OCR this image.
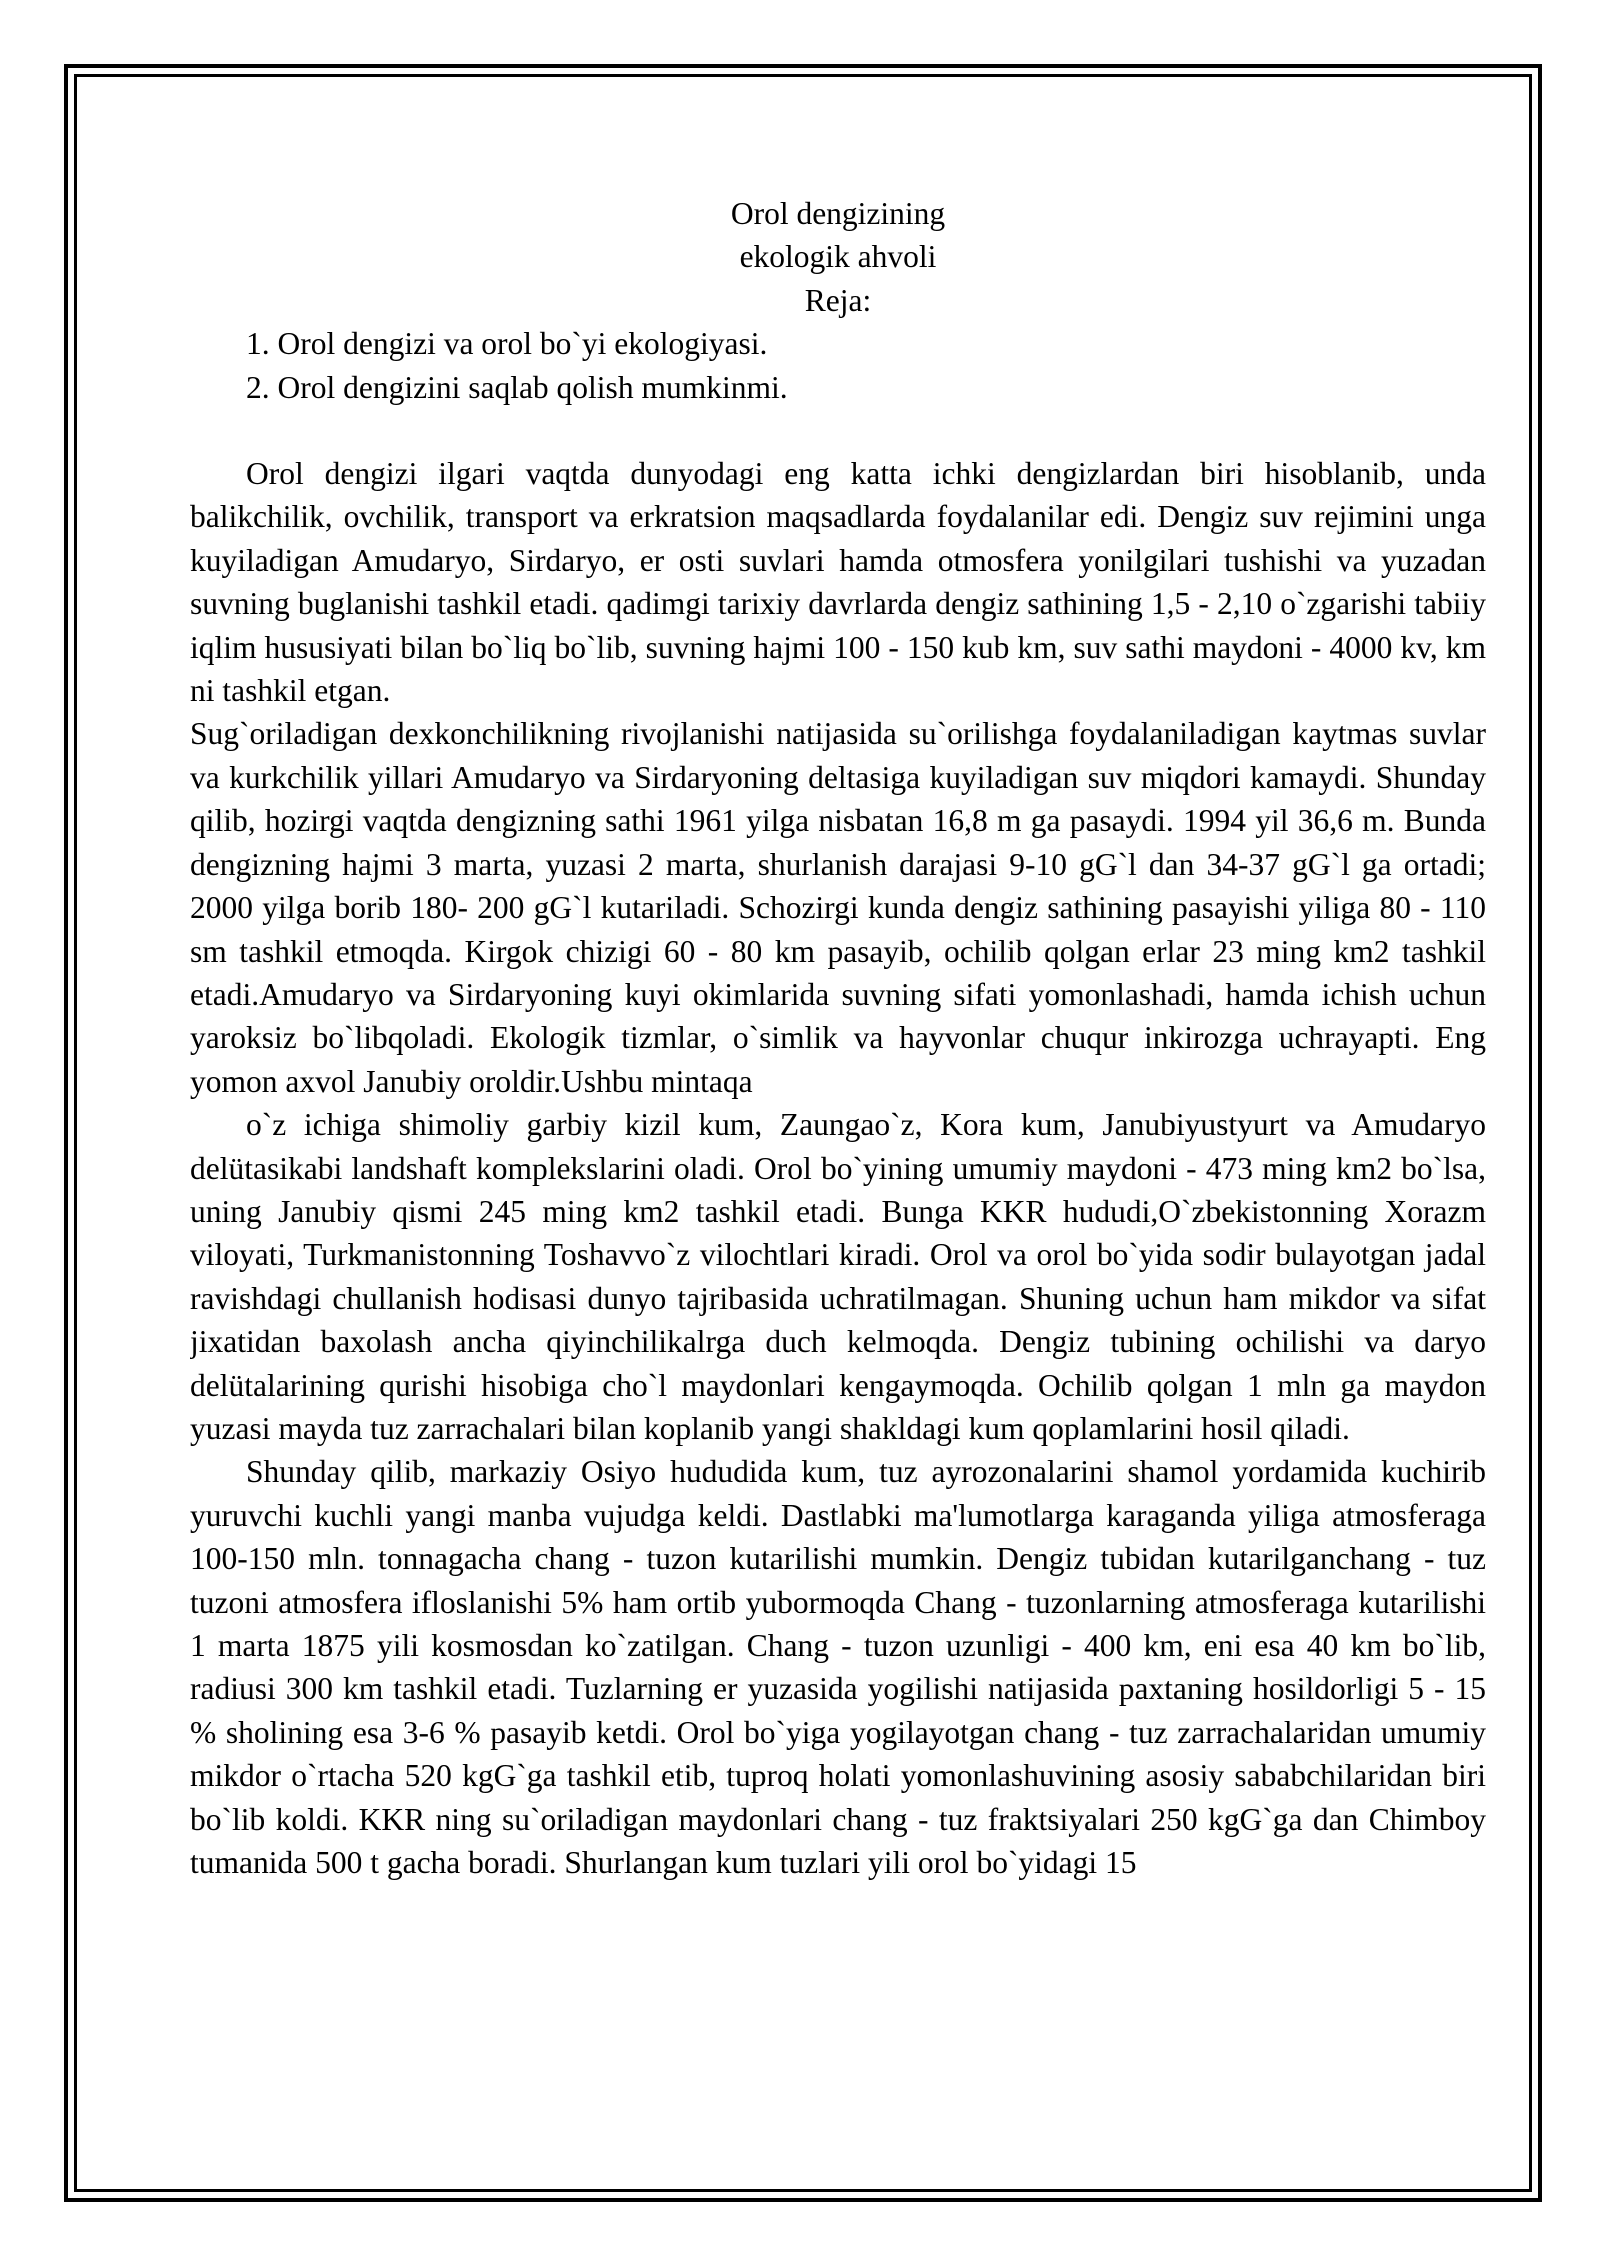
Orol dengizining

ekologik ahvoli

Reja:

1. Orol dengizi va orol bo`yi ekologiyasi.

2. Orol dengizini saqlab qolish mumkinmi.

Orol dengizi ilgari vaqtda dunyodagi eng katta ichki dengizlardan biri hisoblanib, unda balikchilik, ovchilik, transport va erkratsion maqsadlarda foydalanilar edi. Dengiz suv rejimini unga kuyiladigan Amudaryo, Sirdaryo, er osti suvlari hamda otmosfera yonilgilari tushishi va yuzadan suvning buglanishi tashkil etadi. qadimgi tarixiy davrlarda dengiz sathining 1,5 - 2,10 o`zgarishi tabiiy iqlim hususiyati bilan bo`liq bo`lib, suvning hajmi 100 - 150 kub km, suv sathi maydoni - 4000 kv, km ni tashkil etgan.

Sug`oriladigan dexkonchilikning rivojlanishi natijasida su`orilishga foydalaniladigan kaytmas suvlar va kurkchilik yillari Amudaryo va Sirdaryoning deltasiga kuyiladigan suv miqdori kamaydi. Shunday qilib, hozirgi vaqtda dengizning sathi 1961 yilga nisbatan 16,8 m ga pasaydi. 1994 yil 36,6 m. Bunda dengizning hajmi 3 marta, yuzasi 2 marta, shurlanish darajasi 9-10 gG`l dan 34-37 gG`l ga ortadi; 2000 yilga borib 180- 200 gG`l kutariladi. Schozirgi kunda dengiz sathining pasayishi yiliga 80 - 110 sm tashkil etmoqda. Kirgok chizigi 60 - 80 km pasayib, ochilib qolgan erlar 23 ming km2 tashkil etadi.Amudaryo va Sirdaryoning kuyi okimlarida suvning sifati yomonlashadi, hamda ichish uchun yaroksiz bo`libqoladi. Ekologik tizmlar, o`simlik va hayvonlar chuqur inkirozga uchrayapti. Eng yomon axvol Janubiy oroldir.Ushbu mintaqa

o`z ichiga shimoliy garbiy kizil kum, Zaungao`z, Kora kum, Janubiyustyurt va Amudaryo delütasikabi landshaft komplekslarini oladi. Orol bo`yining umumiy maydoni - 473 ming km2 bo`lsa, uning Janubiy qismi 245 ming km2 tashkil etadi. Bunga KKR hududi,O`zbekistonning Xorazm viloyati, Turkmanistonning Toshavvo`z vilochtlari kiradi. Orol va orol bo`yida sodir bulayotgan jadal ravishdagi chullanish hodisasi dunyo tajribasida uchratilmagan. Shuning uchun ham mikdor va sifat jixatidan baxolash ancha qiyinchilikalrga duch kelmoqda. Dengiz tubining ochilishi va daryo delütalarining qurishi hisobiga cho`l maydonlari kengaymoqda. Ochilib qolgan 1 mln ga maydon yuzasi mayda tuz zarrachalari bilan koplanib yangi shakldagi kum qoplamlarini hosil qiladi.

Shunday qilib, markaziy Osiyo hududida kum, tuz ayrozonalarini shamol yordamida kuchirib yuruvchi kuchli yangi manba vujudga keldi. Dastlabki ma'lumotlarga karaganda yiliga atmosferaga 100-150 mln. tonnagacha chang - tuzon kutarilishi mumkin. Dengiz tubidan kutarilganchang - tuz tuzoni atmosfera ifloslanishi 5% ham ortib yubormoqda Chang - tuzonlarning atmosferaga kutarilishi 1 marta 1875 yili kosmosdan ko`zatilgan. Chang - tuzon uzunligi - 400 km, eni esa 40 km bo`lib, radiusi 300 km tashkil etadi. Tuzlarning er yuzasida yogilishi natijasida paxtaning hosildorligi 5 - 15 % sholining esa 3-6 % pasayib ketdi. Orol bo`yiga yogilayotgan chang - tuz zarrachalaridan umumiy mikdor o`rtacha 520 kgG`ga tashkil etib, tuproq holati yomonlashuvining asosiy sababchilaridan biri bo`lib koldi. KKR ning su`oriladigan maydonlari chang - tuz fraktsiyalari 250 kgG`ga dan Chimboy tumanida 500 t gacha boradi. Shurlangan kum tuzlari yili orol bo`yidagi 15
